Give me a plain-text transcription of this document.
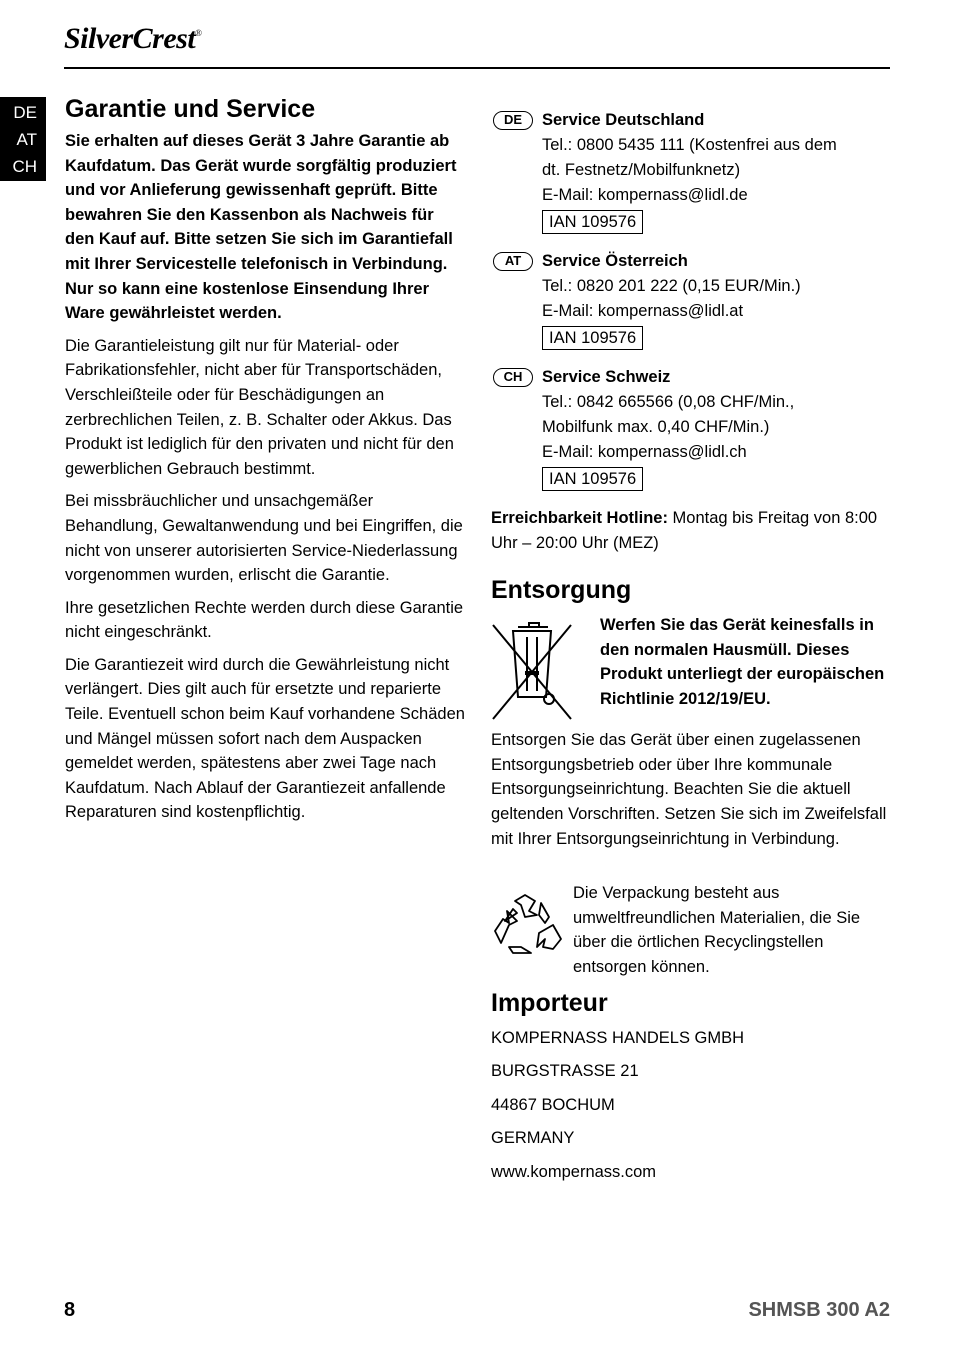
SilverCrest®
DE
AT
CH
Garantie und Service

Sie erhalten auf dieses Gerät 3 Jahre Garantie ab Kaufdatum. Das Gerät wurde sorgfältig produziert und vor Anlieferung gewissenhaft geprüft. Bitte bewahren Sie den Kassenbon als Nachweis für den Kauf auf. Bitte setzen Sie sich im Garantiefall mit Ihrer Servicestelle telefonisch in Verbindung. Nur so kann eine kostenlose Einsendung Ihrer Ware gewährleistet werden.

Die Garantieleistung gilt nur für Material- oder Fabrikationsfehler, nicht aber für Transportschäden, Verschleißteile oder für Beschädigungen an zerbrechlichen Teilen, z. B. Schalter oder Akkus. Das Produkt ist lediglich für den privaten und nicht für den gewerblichen Gebrauch bestimmt.

Bei missbräuchlicher und unsachgemäßer Behandlung, Gewaltanwendung und bei Eingriffen, die nicht von unserer autorisierten Service-Niederlassung vorgenommen wurden, erlischt die Garantie.

Ihre gesetzlichen Rechte werden durch diese Garantie nicht eingeschränkt.

Die Garantiezeit wird durch die Gewährleistung nicht verlängert. Dies gilt auch für ersetzte und reparierte Teile. Eventuell schon beim Kauf vorhandene Schäden und Mängel müssen sofort nach dem Auspacken gemeldet werden, spätestens aber zwei Tage nach Kaufdatum. Nach Ablauf der Garantiezeit anfallende Reparaturen sind kostenpflichtig.

DE	Service Deutschland
Tel.: 0800 5435 111 (Kostenfrei aus dem
dt. Festnetz/Mobilfunknetz)
E-Mail: kompernass@lidl.de
IAN 109576
AT	Service Österreich
Tel.: 0820 201 222 (0,15 EUR/Min.)
E-Mail: kompernass@lidl.at
IAN 109576
CH	Service Schweiz
Tel.: 0842 665566 (0,08 CHF/Min.,
Mobilfunk max. 0,40 CHF/Min.)
E-Mail: kompernass@lidl.ch
IAN 109576

Erreichbarkeit Hotline: Montag bis Freitag von 8:00 Uhr – 20:00 Uhr (MEZ)

Entsorgung

Werfen Sie das Gerät keinesfalls in den normalen Hausmüll. Dieses Produkt unterliegt der europäischen Richtlinie 2012/19/EU.

Entsorgen Sie das Gerät über einen zugelassenen Entsorgungsbetrieb oder über Ihre kommunale Entsorgungseinrichtung. Beachten Sie die aktuell geltenden Vorschriften. Setzen Sie sich im Zweifelsfall mit Ihrer Entsorgungseinrichtung in Verbindung.

Die Verpackung besteht aus umweltfreundlichen Materialien, die Sie über die örtlichen Recyclingstellen entsorgen können.

Importeur

KOMPERNASS HANDELS GMBH

BURGSTRASSE 21

44867 BOCHUM

GERMANY

www.kompernass.com

8	SHMSB 300 A2
